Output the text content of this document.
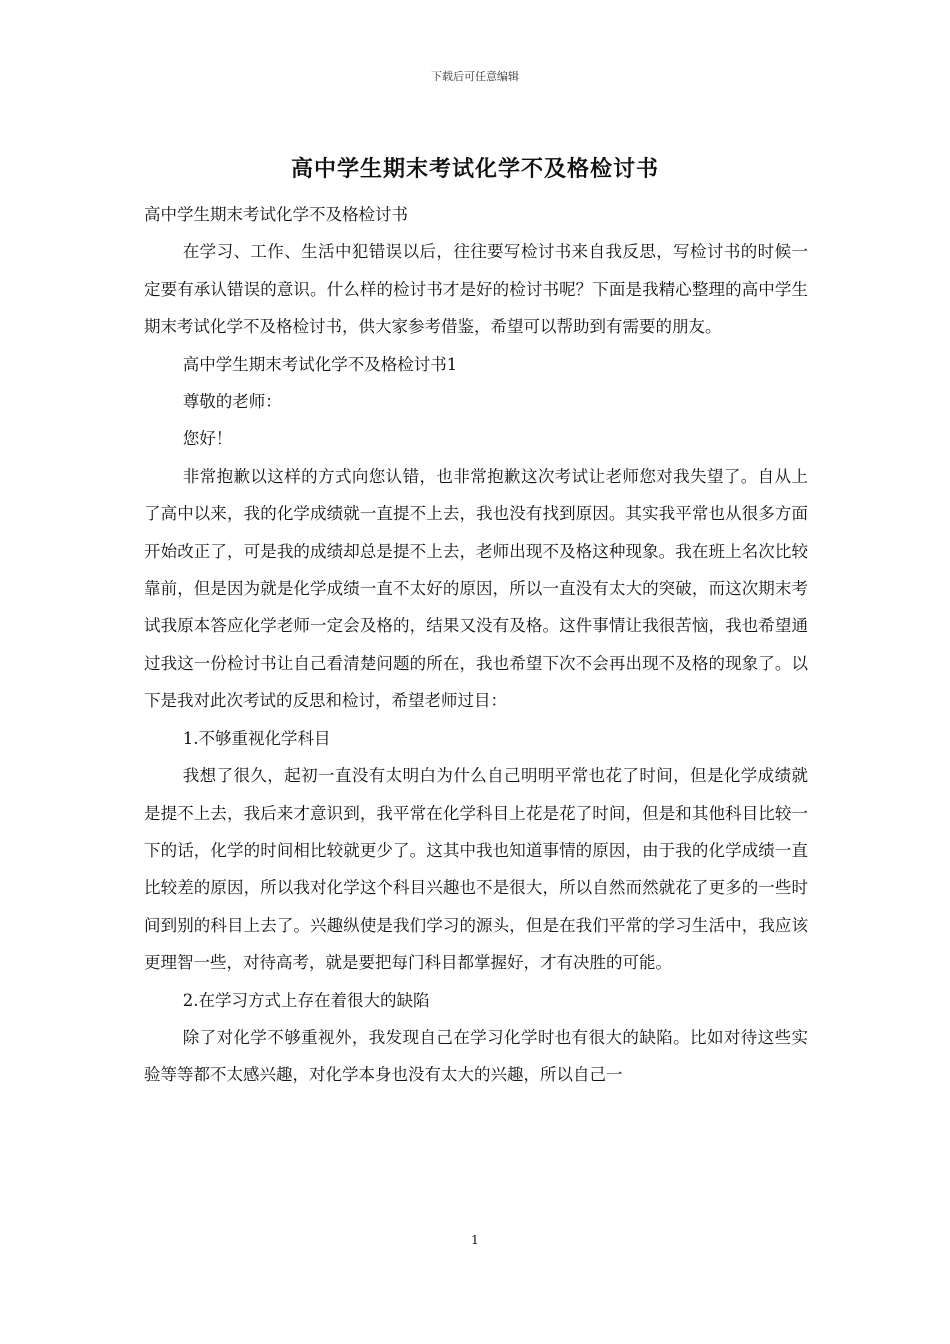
下载后可任意编辑
高中学生期末考试化学不及格检讨书

高中学生期末考试化学不及格检讨书

在学习、工作、生活中犯错误以后，往往要写检讨书来自我反思，写检讨书的时候一定要有承认错误的意识。什么样的检讨书才是好的检讨书呢？下面是我精心整理的高中学生期末考试化学不及格检讨书，供大家参考借鉴，希望可以帮助到有需要的朋友。

高中学生期末考试化学不及格检讨书1

尊敬的老师：

您好！

非常抱歉以这样的方式向您认错，也非常抱歉这次考试让老师您对我失望了。自从上了高中以来，我的化学成绩就一直提不上去，我也没有找到原因。其实我平常也从很多方面开始改正了，可是我的成绩却总是提不上去，老师出现不及格这种现象。我在班上名次比较靠前，但是因为就是化学成绩一直不太好的原因，所以一直没有太大的突破，而这次期末考试我原本答应化学老师一定会及格的，结果又没有及格。这件事情让我很苦恼，我也希望通过我这一份检讨书让自己看清楚问题的所在，我也希望下次不会再出现不及格的现象了。以下是我对此次考试的反思和检讨，希望老师过目：

1.不够重视化学科目

我想了很久，起初一直没有太明白为什么自己明明平常也花了时间，但是化学成绩就是提不上去，我后来才意识到，我平常在化学科目上花是花了时间，但是和其他科目比较一下的话，化学的时间相比较就更少了。这其中我也知道事情的原因，由于我的化学成绩一直比较差的原因，所以我对化学这个科目兴趣也不是很大，所以自然而然就花了更多的一些时间到别的科目上去了。兴趣纵使是我们学习的源头，但是在我们平常的学习生活中，我应该更理智一些，对待高考，就是要把每门科目都掌握好，才有决胜的可能。

2.在学习方式上存在着很大的缺陷

除了对化学不够重视外，我发现自己在学习化学时也有很大的缺陷。比如对待这些实验等等都不太感兴趣，对化学本身也没有太大的兴趣，所以自己一

1
